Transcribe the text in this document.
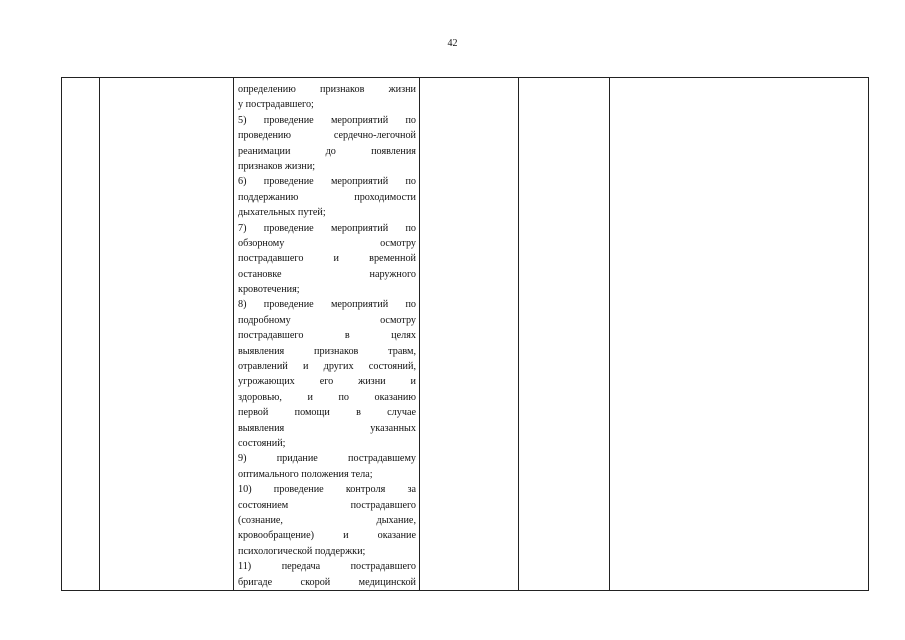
42

определению признаков жизни
у пострадавшего;
5) проведение мероприятий по
проведению сердечно-легочной
реанимации до появления
признаков жизни;
6) проведение мероприятий по
поддержанию проходимости
дыхательных путей;
7) проведение мероприятий по
обзорному осмотру
пострадавшего и временной
остановке наружного
кровотечения;
8) проведение мероприятий по
подробному осмотру
пострадавшего в целях
выявления признаков травм,
отравлений и других состояний,
угрожающих его жизни и
здоровью, и по оказанию
первой помощи в случае
выявления указанных
состояний;
9) придание пострадавшему
оптимального положения тела;
10) проведение контроля за
состоянием пострадавшего
(сознание, дыхание,
кровообращение) и оказание
психологической поддержки;
11) передача пострадавшего
бригаде скорой медицинской
